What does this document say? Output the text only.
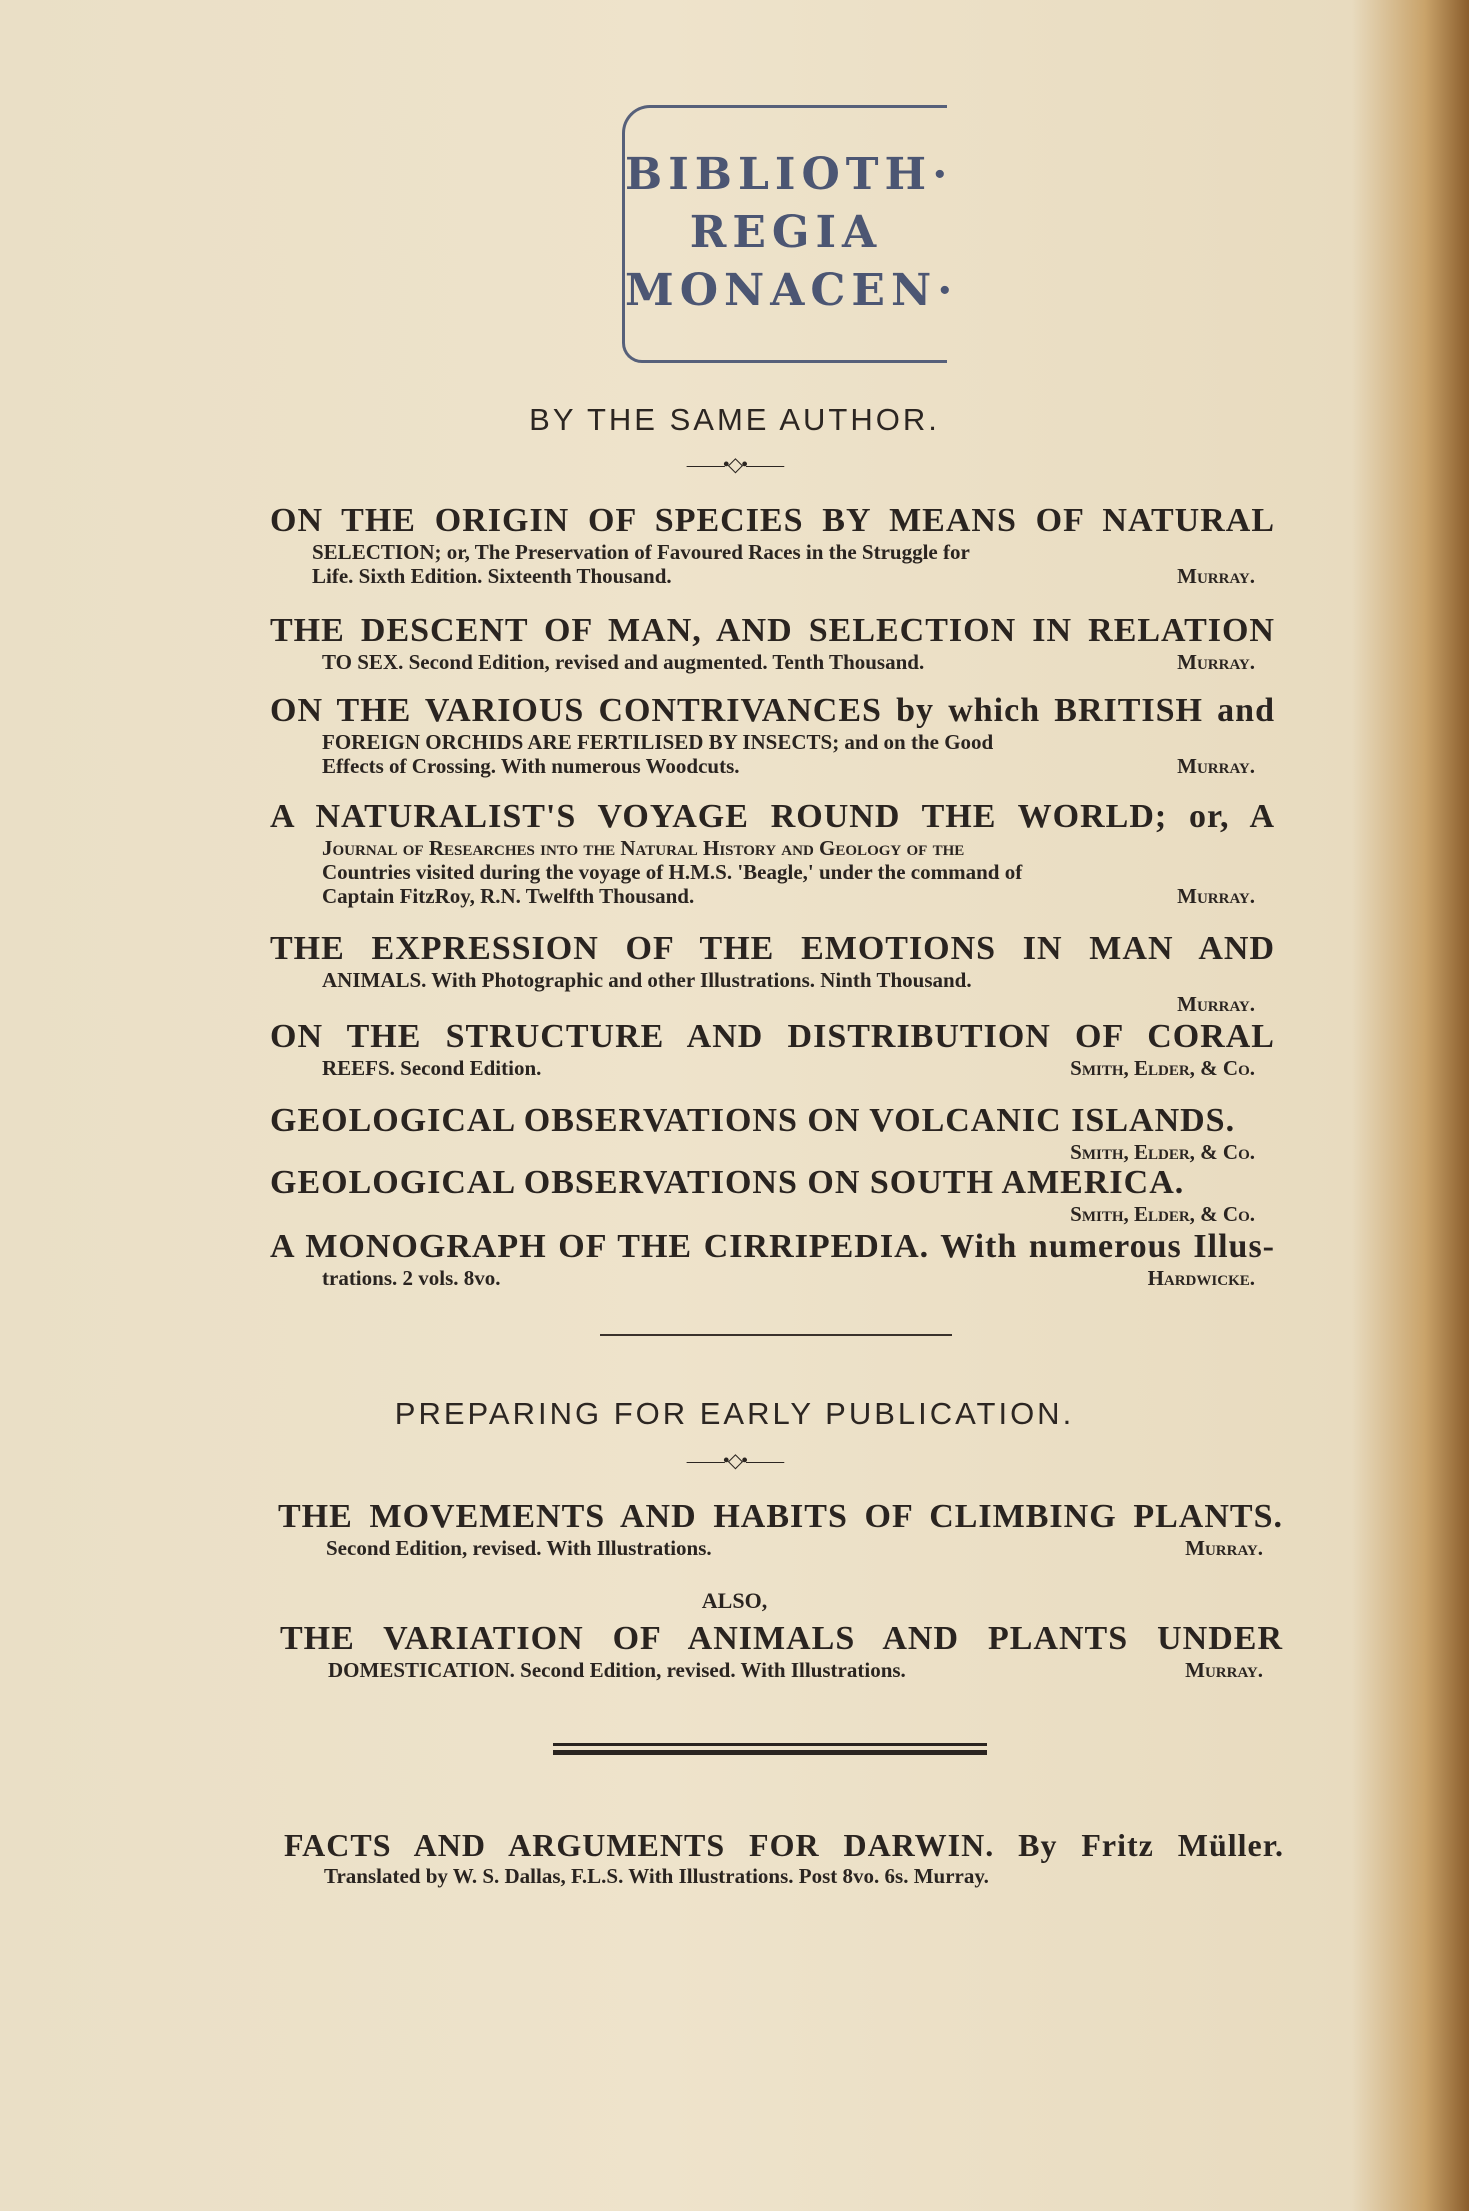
BIBLIOTH·
REGIA
MONACEN·
BY THE SAME AUTHOR.
——•◇•——
ON THE ORIGIN OF SPECIES BY MEANS OF NATURAL
SELECTION; or, The Preservation of Favoured Races in the Struggle for
Life. Sixth Edition. Sixteenth Thousand.	Murray.
THE DESCENT OF MAN, AND SELECTION IN RELATION
TO SEX. Second Edition, revised and augmented. Tenth Thousand.	Murray.
ON THE VARIOUS CONTRIVANCES by which BRITISH and
FOREIGN ORCHIDS ARE FERTILISED BY INSECTS; and on the Good
Effects of Crossing. With numerous Woodcuts.	Murray.
A NATURALIST'S VOYAGE ROUND THE WORLD; or, A
Journal of Researches into the Natural History and Geology of the
Countries visited during the voyage of H.M.S. 'Beagle,' under the command of
Captain FitzRoy, R.N. Twelfth Thousand.	Murray.
THE EXPRESSION OF THE EMOTIONS IN MAN AND
ANIMALS. With Photographic and other Illustrations. Ninth Thousand.
Murray.
ON THE STRUCTURE AND DISTRIBUTION OF CORAL
REEFS. Second Edition.	Smith, Elder, & Co.
GEOLOGICAL OBSERVATIONS ON VOLCANIC ISLANDS.
Smith, Elder, & Co.
GEOLOGICAL OBSERVATIONS ON SOUTH AMERICA.
Smith, Elder, & Co.
A MONOGRAPH OF THE CIRRIPEDIA. With numerous Illus-
trations. 2 vols. 8vo.	Hardwicke.
PREPARING FOR EARLY PUBLICATION.
——•◇•——
THE MOVEMENTS AND HABITS OF CLIMBING PLANTS.
Second Edition, revised. With Illustrations.	Murray.
ALSO,
THE VARIATION OF ANIMALS AND PLANTS UNDER
DOMESTICATION. Second Edition, revised. With Illustrations.	Murray.
FACTS AND ARGUMENTS FOR DARWIN. By Fritz Müller.
Translated by W. S. Dallas, F.L.S. With Illustrations. Post 8vo. 6s. Murray.
